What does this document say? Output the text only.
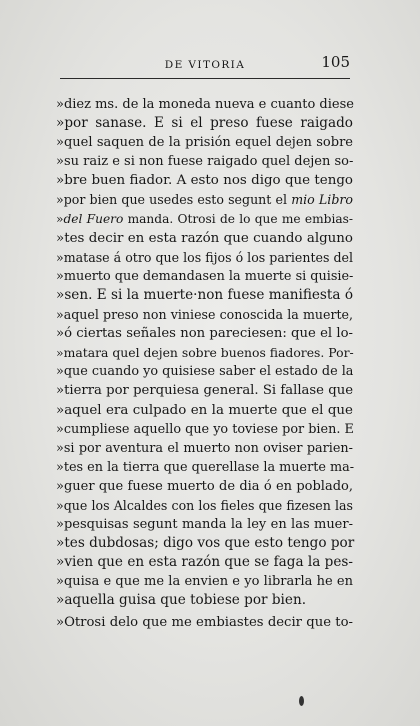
DE VITORIA	105
»diez ms. de la moneda nueva e cuanto diese
»por sanase. E si el preso fuese raigado
»quel saquen de la prisión equel dejen sobre
»su raiz e si non fuese raigado quel dejen so-
»bre buen fiador. A esto nos digo que tengo
»por bien que usedes esto segunt el mio Libro
»del Fuero manda. Otrosi de lo que me embias-
»tes decir en esta razón que cuando alguno
»matase á otro que los fijos ó los parientes del
»muerto que demandasen la muerte si quisie-
»sen. E si la muerte·non fuese manifiesta ó
»aquel preso non viniese conoscida la muerte,
»ó ciertas señales non pareciesen: que el lo-
»matara quel dejen sobre buenos fiadores. Por-
»que cuando yo quisiese saber el estado de la
»tierra por perquiesa general. Si fallase que
»aquel era culpado en la muerte que el que
»cumpliese aquello que yo toviese por bien. E
»si por aventura el muerto non oviser parien-
»tes en la tierra que querellase la muerte ma-
»guer que fuese muerto de dia ó en poblado,
»que los Alcaldes con los fieles que fizesen las
»pesquisas segunt manda la ley en las muer-
»tes dubdosas; digo vos que esto tengo por
»vien que en esta razón que se faga la pes-
»quisa e que me la envien e yo librarla he en
»aquella guisa que tobiese por bien.
»Otrosi delo que me embiastes decir que to-
